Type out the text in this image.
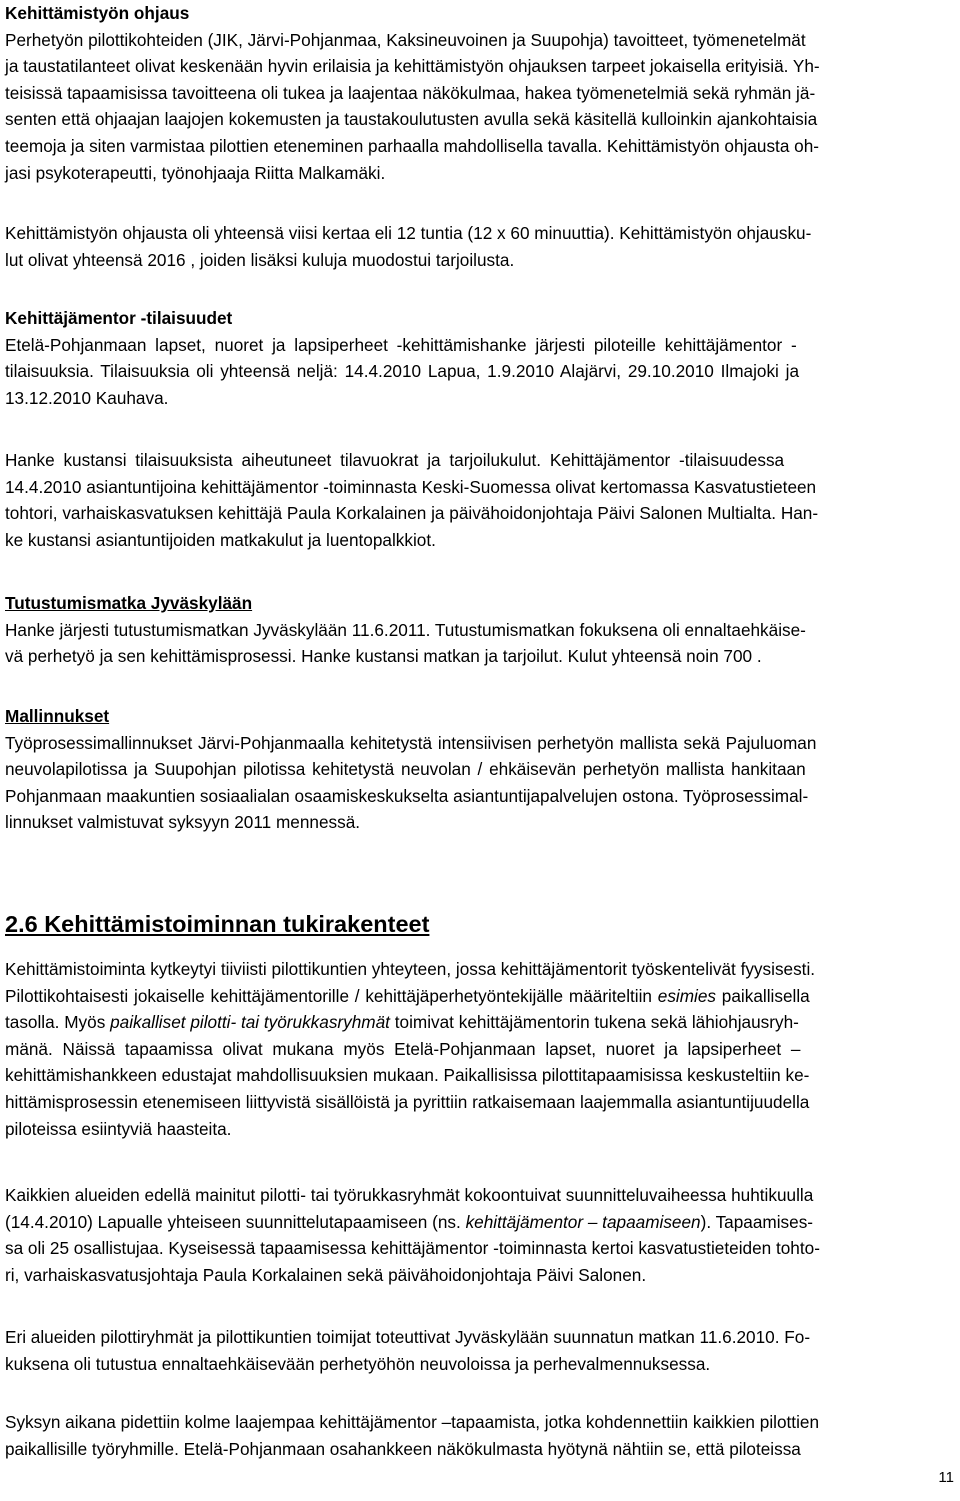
Kehittämistyön ohjaus
Perhetyön pilottikohteiden (JIK, Järvi-Pohjanmaa, Kaksineuvoinen ja Suupohja) tavoitteet, työmenetelmät
ja taustatilanteet olivat keskenään hyvin erilaisia ja kehittämistyön ohjauksen tarpeet jokaisella erityisiä. Yh-
teisissä tapaamisissa tavoitteena oli tukea ja laajentaa näkökulmaa, hakea työmenetelmiä sekä ryhmän jä-
senten että ohjaajan laajojen kokemusten ja taustakoulutusten avulla sekä käsitellä kulloinkin ajankohtaisia
teemoja ja siten varmistaa pilottien eteneminen parhaalla mahdollisella tavalla. Kehittämistyön ohjausta oh-
jasi psykoterapeutti, työnohjaaja Riitta Malkamäki.
Kehittämistyön ohjausta oli yhteensä viisi kertaa eli 12 tuntia (12 x 60 minuuttia). Kehittämistyön ohjausku-
lut olivat yhteensä 2016 , joiden lisäksi kuluja muodostui tarjoilusta.
Kehittäjämentor -tilaisuudet
Etelä-Pohjanmaan lapset, nuoret ja lapsiperheet -kehittämishanke järjesti piloteille kehittäjämentor -
tilaisuuksia. Tilaisuuksia oli yhteensä neljä: 14.4.2010 Lapua, 1.9.2010 Alajärvi, 29.10.2010 Ilmajoki ja
13.12.2010 Kauhava.
Hanke kustansi tilaisuuksista aiheutuneet tilavuokrat ja tarjoilukulut. Kehittäjämentor -tilaisuudessa
14.4.2010 asiantuntijoina kehittäjämentor -toiminnasta Keski-Suomessa olivat kertomassa Kasvatustieteen
tohtori, varhaiskasvatuksen kehittäjä Paula Korkalainen ja päivähoidonjohtaja Päivi Salonen Multialta. Han-
ke kustansi asiantuntijoiden matkakulut ja luentopalkkiot.
Tutustumismatka Jyväskylään
Hanke järjesti tutustumismatkan Jyväskylään 11.6.2011. Tutustumismatkan fokuksena oli ennaltaehkäise-
vä perhetyö ja sen kehittämisprosessi. Hanke kustansi matkan ja tarjoilut. Kulut yhteensä noin 700 .
Mallinnukset
Työprosessimallinnukset Järvi-Pohjanmaalla kehitetystä intensiivisen perhetyön mallista sekä Pajuluoman
neuvolapilotissa ja Suupohjan pilotissa kehitetystä neuvolan / ehkäisevän perhetyön mallista hankitaan
Pohjanmaan maakuntien sosiaalialan osaamiskeskukselta asiantuntijapalvelujen ostona. Työprosessimal-
linnukset valmistuvat syksyyn 2011 mennessä.
2.6 Kehittämistoiminnan tukirakenteet
Kehittämistoiminta kytkeytyi tiiviisti pilottikuntien yhteyteen, jossa kehittäjämentorit työskentelivät fyysisesti.
Pilottikohtaisesti jokaiselle kehittäjämentorille / kehittäjäperhetyöntekijälle määriteltiin esimies paikallisella
tasolla. Myös paikalliset pilotti- tai työrukkasryhmät toimivat kehittäjämentorin tukena sekä lähiohjausryh-
mänä. Näissä tapaamissa olivat mukana myös Etelä-Pohjanmaan lapset, nuoret ja lapsiperheet –
kehittämishankkeen edustajat mahdollisuuksien mukaan. Paikallisissa pilottitapaamisissa keskusteltiin ke-
hittämisprosessin etenemiseen liittyvistä sisällöistä ja pyrittiin ratkaisemaan laajemmalla asiantuntijuudella
piloteissa esiintyviä haasteita.
Kaikkien alueiden edellä mainitut pilotti- tai työrukkasryhmät kokoontuivat suunnitteluvaiheessa huhtikuulla
(14.4.2010) Lapualle yhteiseen suunnittelutapaamiseen (ns. kehittäjämentor – tapaamiseen). Tapaamises-
sa oli 25 osallistujaa. Kyseisessä tapaamisessa kehittäjämentor -toiminnasta kertoi kasvatustieteiden tohto-
ri, varhaiskasvatusjohtaja Paula Korkalainen sekä päivähoidonjohtaja Päivi Salonen.
Eri alueiden pilottiryhmät ja pilottikuntien toimijat toteuttivat Jyväskylään suunnatun matkan 11.6.2010. Fo-
kuksena oli tutustua ennaltaehkäisevään perhetyöhön neuvoloissa ja perhevalmennuksessa.
Syksyn aikana pidettiin kolme laajempaa kehittäjämentor –tapaamista, jotka kohdennettiin kaikkien pilottien
paikallisille työryhmille. Etelä-Pohjanmaan osahankkeen näkökulmasta hyötynä nähtiin se, että piloteissa
11
